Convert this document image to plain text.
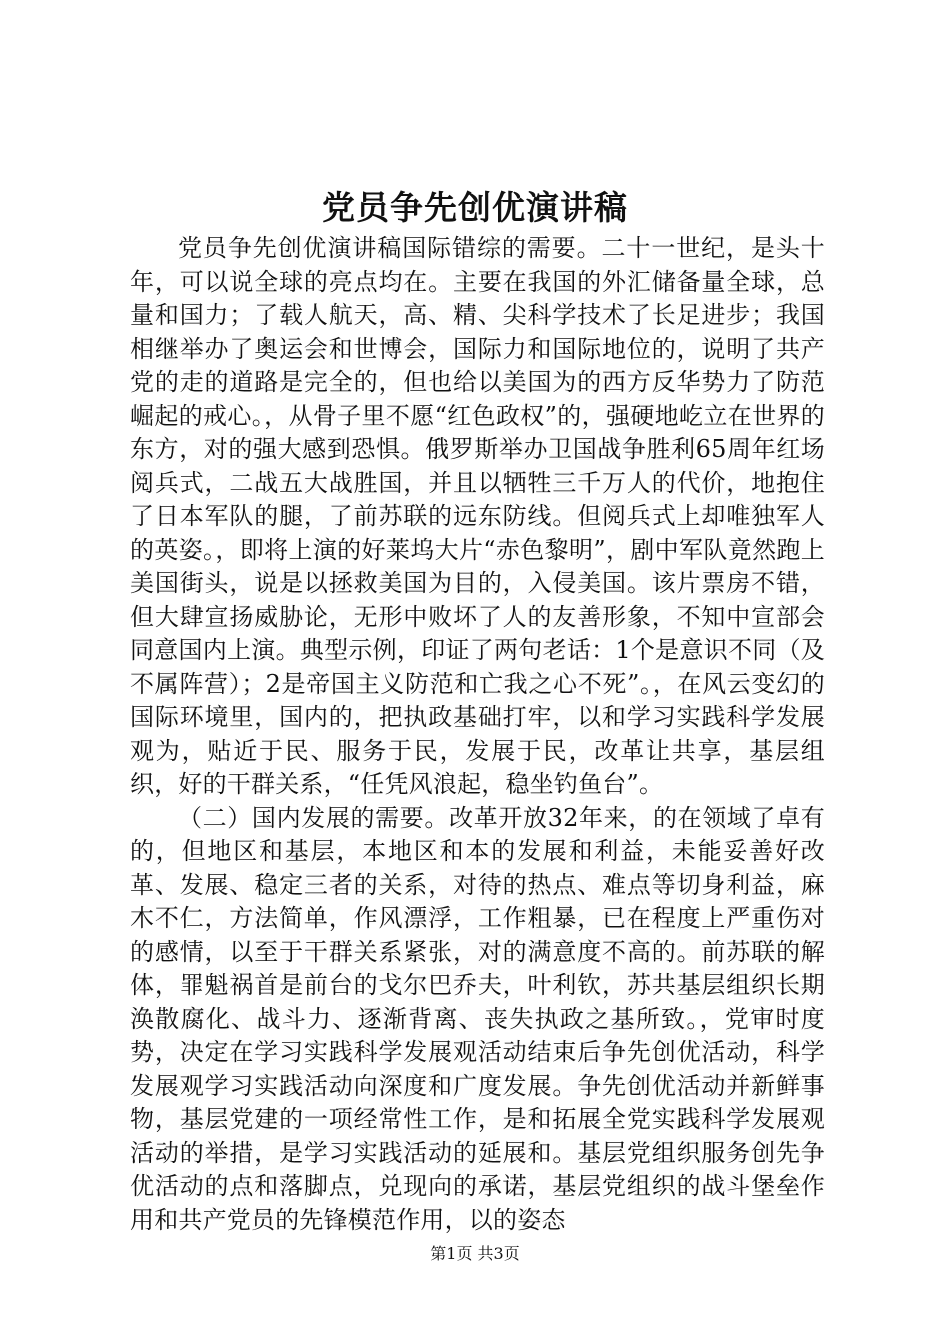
党员争先创优演讲稿

党员争先创优演讲稿国际错综的需要。二十一世纪，是头十年，可以说全球的亮点均在。主要在我国的外汇储备量全球，总量和国力；了载人航天，高、精、尖科学技术了长足进步；我国相继举办了奥运会和世博会，国际力和国际地位的，说明了共产党的走的道路是完全的，但也给以美国为的西方反华势力了防范崛起的戒心。，从骨子里不愿“红色政权”的，强硬地屹立在世界的东方，对的强大感到恐惧。俄罗斯举办卫国战争胜利65周年红场阅兵式，二战五大战胜国，并且以牺牲三千万人的代价，地抱住了日本军队的腿，了前苏联的远东防线。但阅兵式上却唯独军人的英姿。，即将上演的好莱坞大片“赤色黎明”，剧中军队竟然跑上美国街头，说是以拯救美国为目的，入侵美国。该片票房不错，但大肆宣扬威胁论，无形中败坏了人的友善形象，不知中宣部会同意国内上演。典型示例，印证了两句老话：1个是意识不同（及不属阵营）；2是帝国主义防范和亡我之心不死”。，在风云变幻的国际环境里，国内的，把执政基础打牢，以和学习实践科学发展观为，贴近于民、服务于民，发展于民，改革让共享，基层组织，好的干群关系，“任凭风浪起，稳坐钓鱼台”。

（二）国内发展的需要。改革开放32年来，的在领域了卓有的，但地区和基层，本地区和本的发展和利益，未能妥善好改革、发展、稳定三者的关系，对待的热点、难点等切身利益，麻木不仁，方法简单，作风漂浮，工作粗暴，已在程度上严重伤对的感情，以至于干群关系紧张，对的满意度不高的。前苏联的解体，罪魁祸首是前台的戈尔巴乔夫，叶利钦，苏共基层组织长期涣散腐化、战斗力、逐渐背离、丧失执政之基所致。，党审时度势，决定在学习实践科学发展观活动结束后争先创优活动，科学发展观学习实践活动向深度和广度发展。争先创优活动并新鲜事物，基层党建的一项经常性工作，是和拓展全党实践科学发展观活动的举措，是学习实践活动的延展和。基层党组织服务创先争优活动的点和落脚点，兑现向的承诺，基层党组织的战斗堡垒作用和共产党员的先锋模范作用，以的姿态

第1页 共3页
